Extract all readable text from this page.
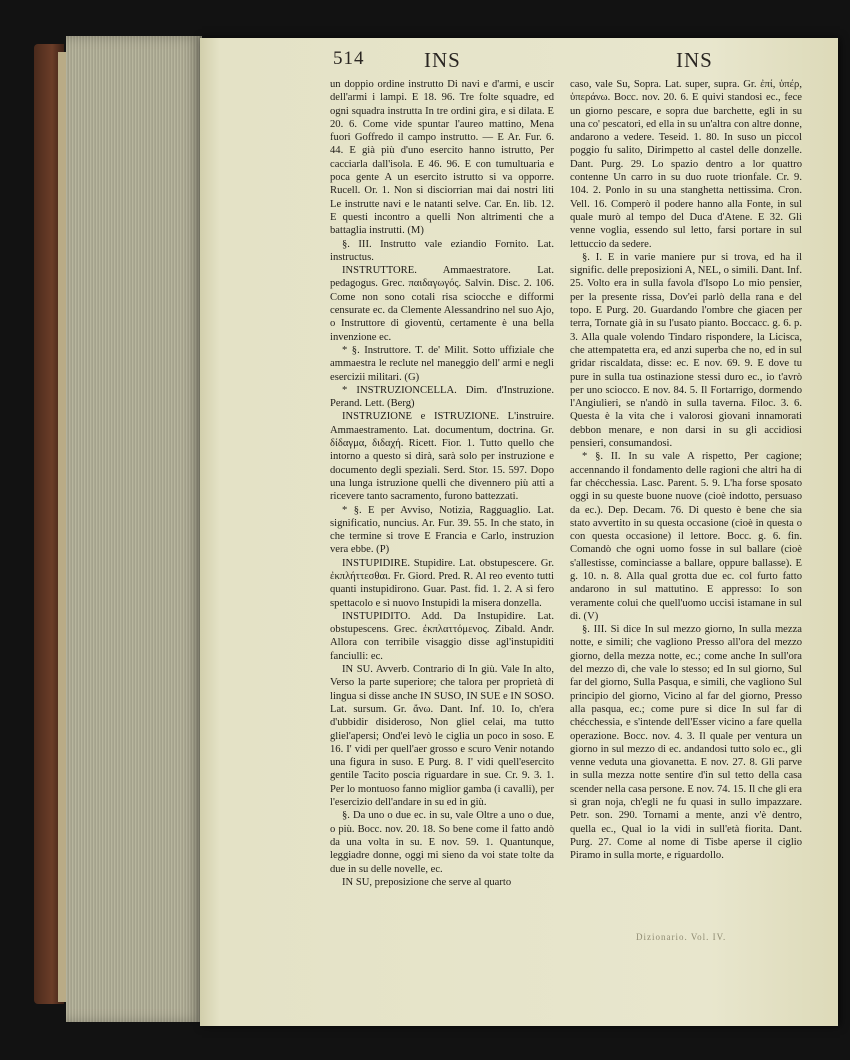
514	INS	INS

un doppio ordine instrutto Di navi e d'armi, e uscir dell'armi i lampi. E 18. 96. Tre folte squadre, ed ogni squadra instrutta In tre ordini gira, e si dilata. E 20. 6. Come vide spuntar l'aureo mattino, Mena fuori Goffredo il campo instrutto. — E Ar. Fur. 6. 44. E già più d'uno esercito hanno istrutto, Per cacciarla dall'isola. E 46. 96. E con tumultuaria e poca gente A un esercito istrutto si va opporre. Rucell. Or. 1. Non si disciorrian mai dai nostri liti Le instrutte navi e le natanti selve. Car. En. lib. 12. E questi incontro a quelli Non altrimenti che a battaglia instrutti. (M)

§. III. Instrutto vale eziandio Fornito. Lat. instructus.

INSTRUTTORE. Ammaestratore. Lat. pedagogus. Grec. παιδαγωγός. Salvin. Disc. 2. 106. Come non sono cotali risa sciocche e difformi censurate ec. da Clemente Alessandrino nel suo Ajo, o Instruttore di gioventù, certamente è una bella invenzione ec.

* §. Instruttore. T. de' Milit. Sotto uffiziale che ammaestra le reclute nel maneggio dell' armi e negli esercizii militari. (G)

* INSTRUZIONCELLA. Dim. d'Instruzione. Perand. Lett. (Berg)

INSTRUZIONE e ISTRUZIONE. L'instruire. Ammaestramento. Lat. documentum, doctrina. Gr. δίδαγμα, διδαχή. Ricett. Fior. 1. Tutto quello che intorno a questo si dirà, sarà solo per instruzione e documento degli speziali. Serd. Stor. 15. 597. Dopo una lunga istruzione quelli che divennero più atti a ricevere tanto sacramento, furono battezzati.

* §. E per Avviso, Notizia, Ragguaglio. Lat. significatio, nuncius. Ar. Fur. 39. 55. In che stato, in che termine si trove E Francia e Carlo, instruzion vera ebbe. (P)

INSTUPIDIRE. Stupidire. Lat. obstupescere. Gr. ἐκπλήττεσθαι. Fr. Giord. Pred. R. Al reo evento tutti quanti instupidirono. Guar. Past. fid. 1. 2. A sì fero spettacolo e sì nuovo Instupidì la misera donzella.

INSTUPIDITO. Add. Da Instupidire. Lat. obstupescens. Grec. ἐκπλαττόμενος. Zibald. Andr. Allora con terribile visaggio disse agl'instupiditi fanciulli: ec.

IN SU. Avverb. Contrario di In giù. Vale In alto, Verso la parte superiore; che talora per proprietà di lingua si disse anche IN SUSO, IN SUE e IN SOSO. Lat. sursum. Gr. ἄνω. Dant. Inf. 10. Io, ch'era d'ubbidir disideroso, Non gliel celai, ma tutto gliel'apersi; Ond'ei levò le ciglia un poco in soso. E 16. I' vidi per quell'aer grosso e scuro Venir notando una figura in suso. E Purg. 8. I' vidi quell'esercito gentile Tacito poscia riguardare in sue. Cr. 9. 3. 1. Per lo montuoso fanno miglior gamba (i cavalli), per l'esercizio dell'andare in su ed in giù.

§. Da uno o due ec. in su, vale Oltre a uno o due, o più. Bocc. nov. 20. 18. So bene come il fatto andò da una volta in su. E nov. 59. 1. Quantunque, leggiadre donne, oggi mi sieno da voi state tolte da due in su delle novelle, ec.

IN SU, preposizione che serve al quarto

caso, vale Su, Sopra. Lat. super, supra. Gr. ἐπί, ὑπέρ, ὑπεράνω. Bocc. nov. 20. 6. E quivi standosi ec., fece un giorno pescare, e sopra due barchette, egli in su una co' pescatori, ed ella in su un'altra con altre donne, andarono a vedere. Teseid. 1. 80. In suso un piccol poggio fu salito, Dirimpetto al castel delle donzelle. Dant. Purg. 29. Lo spazio dentro a lor quattro contenne Un carro in su duo ruote trionfale. Cr. 9. 104. 2. Ponlo in su una stanghetta nettissima. Cron. Vell. 16. Comperò il podere hanno alla Fonte, in sul quale murò al tempo del Duca d'Atene. E 32. Gli venne voglia, essendo sul letto, farsi portare in sul lettuccio da sedere.

§. I. E in varie maniere pur si trova, ed ha il signific. delle preposizioni A, NEL, o simili. Dant. Inf. 25. Volto era in sulla favola d'Isopo Lo mio pensier, per la presente rissa, Dov'ei parlò della rana e del topo. E Purg. 20. Guardando l'ombre che giacen per terra, Tornate già in su l'usato pianto. Boccacc. g. 6. p. 3. Alla quale volendo Tindaro rispondere, la Licisca, che attempatetta era, ed anzi superba che no, ed in sul gridar riscaldata, disse: ec. E nov. 69. 9. E dove tu pure in sulla tua ostinazione stessi duro ec., io t'avrò per uno sciocco. E nov. 84. 5. Il Fortarrigo, dormendo l'Angiulieri, se n'andò in sulla taverna. Filoc. 3. 6. Questa è la vita che i valorosi giovani innamorati debbon menare, e non darsi in su gli accidiosi pensieri, consumandosi.

* §. II. In su vale A rispetto, Per cagione; accennando il fondamento delle ragioni che altri ha di far chécchessia. Lasc. Parent. 5. 9. L'ha forse sposato oggi in su queste buone nuove (cioè indotto, persuaso da ec.). Dep. Decam. 76. Di questo è bene che sia stato avvertito in su questa occasione (cioè in questa o con questa occasione) il lettore. Bocc. g. 6. fin. Comandò che ogni uomo fosse in sul ballare (cioè s'allestisse, cominciasse a ballare, oppure ballasse). E g. 10. n. 8. Alla qual grotta due ec. col furto fatto andarono in sul mattutino. E appresso: Io son veramente colui che quell'uomo uccisi istamane in sul dì. (V)

§. III. Si dice In sul mezzo giorno, In sulla mezza notte, e simili; che vagliono Presso all'ora del mezzo giorno, della mezza notte, ec.; come anche In sull'ora del mezzo dì, che vale lo stesso; ed In sul giorno, Sul far del giorno, Sulla Pasqua, e simili, che vagliono Sul principio del giorno, Vicino al far del giorno, Presso alla pasqua, ec.; come pure si dice In sul far di chécchessia, e s'intende dell'Esser vicino a fare quella operazione. Bocc. nov. 4. 3. Il quale per ventura un giorno in sul mezzo di ec. andandosi tutto solo ec., gli venne veduta una giovanetta. E nov. 27. 8. Gli parve in sulla mezza notte sentire d'in sul tetto della casa scender nella casa persone. E nov. 74. 15. Il che gli era sì gran noja, ch'egli ne fu quasi in sullo impazzare. Petr. son. 290. Tornami a mente, anzi v'è dentro, quella ec., Qual io la vidi in sull'età fiorita. Dant. Purg. 27. Come al nome di Tisbe aperse il ciglio Piramo in sulla morte, e riguardollo.

Dizionario. Vol. IV.
